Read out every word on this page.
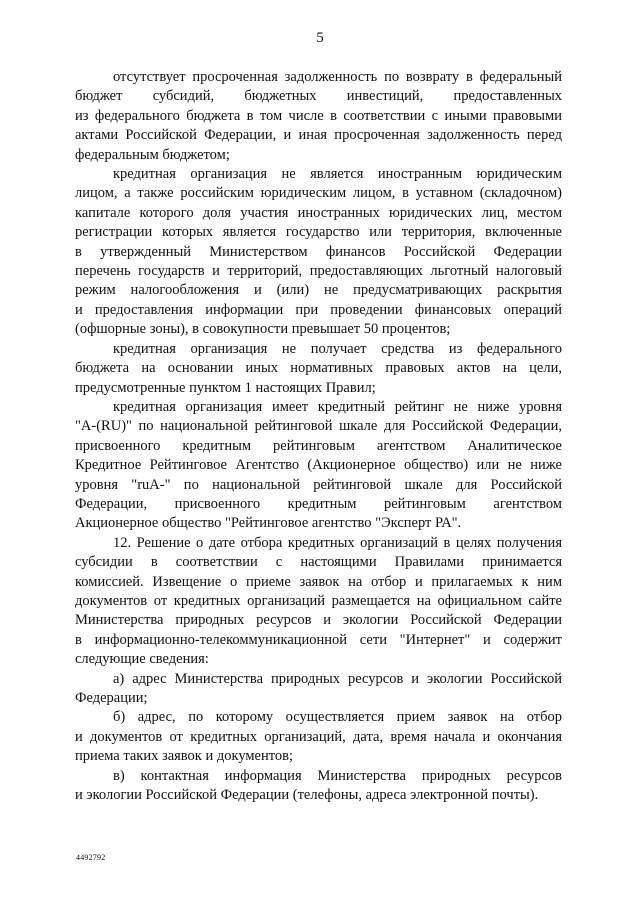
5

отсутствует просроченная задолженность по возврату в федеральный
бюджет субсидий, бюджетных инвестиций, предоставленных
из федерального бюджета в том числе в соответствии с иными правовыми
актами Российской Федерации, и иная просроченная задолженность перед
федеральным бюджетом;

кредитная организация не является иностранным юридическим
лицом, а также российским юридическим лицом, в уставном (складочном)
капитале которого доля участия иностранных юридических лиц, местом
регистрации которых является государство или территория, включенные
в утвержденный Министерством финансов Российской Федерации
перечень государств и территорий, предоставляющих льготный налоговый
режим налогообложения и (или) не предусматривающих раскрытия
и предоставления информации при проведении финансовых операций
(офшорные зоны), в совокупности превышает 50 процентов;

кредитная организация не получает средства из федерального
бюджета на основании иных нормативных правовых актов на цели,
предусмотренные пунктом 1 настоящих Правил;

кредитная организация имеет кредитный рейтинг не ниже уровня
"A-(RU)" по национальной рейтинговой шкале для Российской Федерации,
присвоенного кредитным рейтинговым агентством Аналитическое
Кредитное Рейтинговое Агентство (Акционерное общество) или не ниже
уровня "ruA-" по национальной рейтинговой шкале для Российской
Федерации, присвоенного кредитным рейтинговым агентством
Акционерное общество "Рейтинговое агентство "Эксперт РА".

12. Решение о дате отбора кредитных организаций в целях получения
субсидии в соответствии с настоящими Правилами принимается
комиссией. Извещение о приеме заявок на отбор и прилагаемых к ним
документов от кредитных организаций размещается на официальном сайте
Министерства природных ресурсов и экологии Российской Федерации
в информационно-телекоммуникационной сети "Интернет" и содержит
следующие сведения:

а) адрес Министерства природных ресурсов и экологии Российской
Федерации;

б) адрес, по которому осуществляется прием заявок на отбор
и документов от кредитных организаций, дата, время начала и окончания
приема таких заявок и документов;

в) контактная информация Министерства природных ресурсов
и экологии Российской Федерации (телефоны, адреса электронной почты).

4492792
